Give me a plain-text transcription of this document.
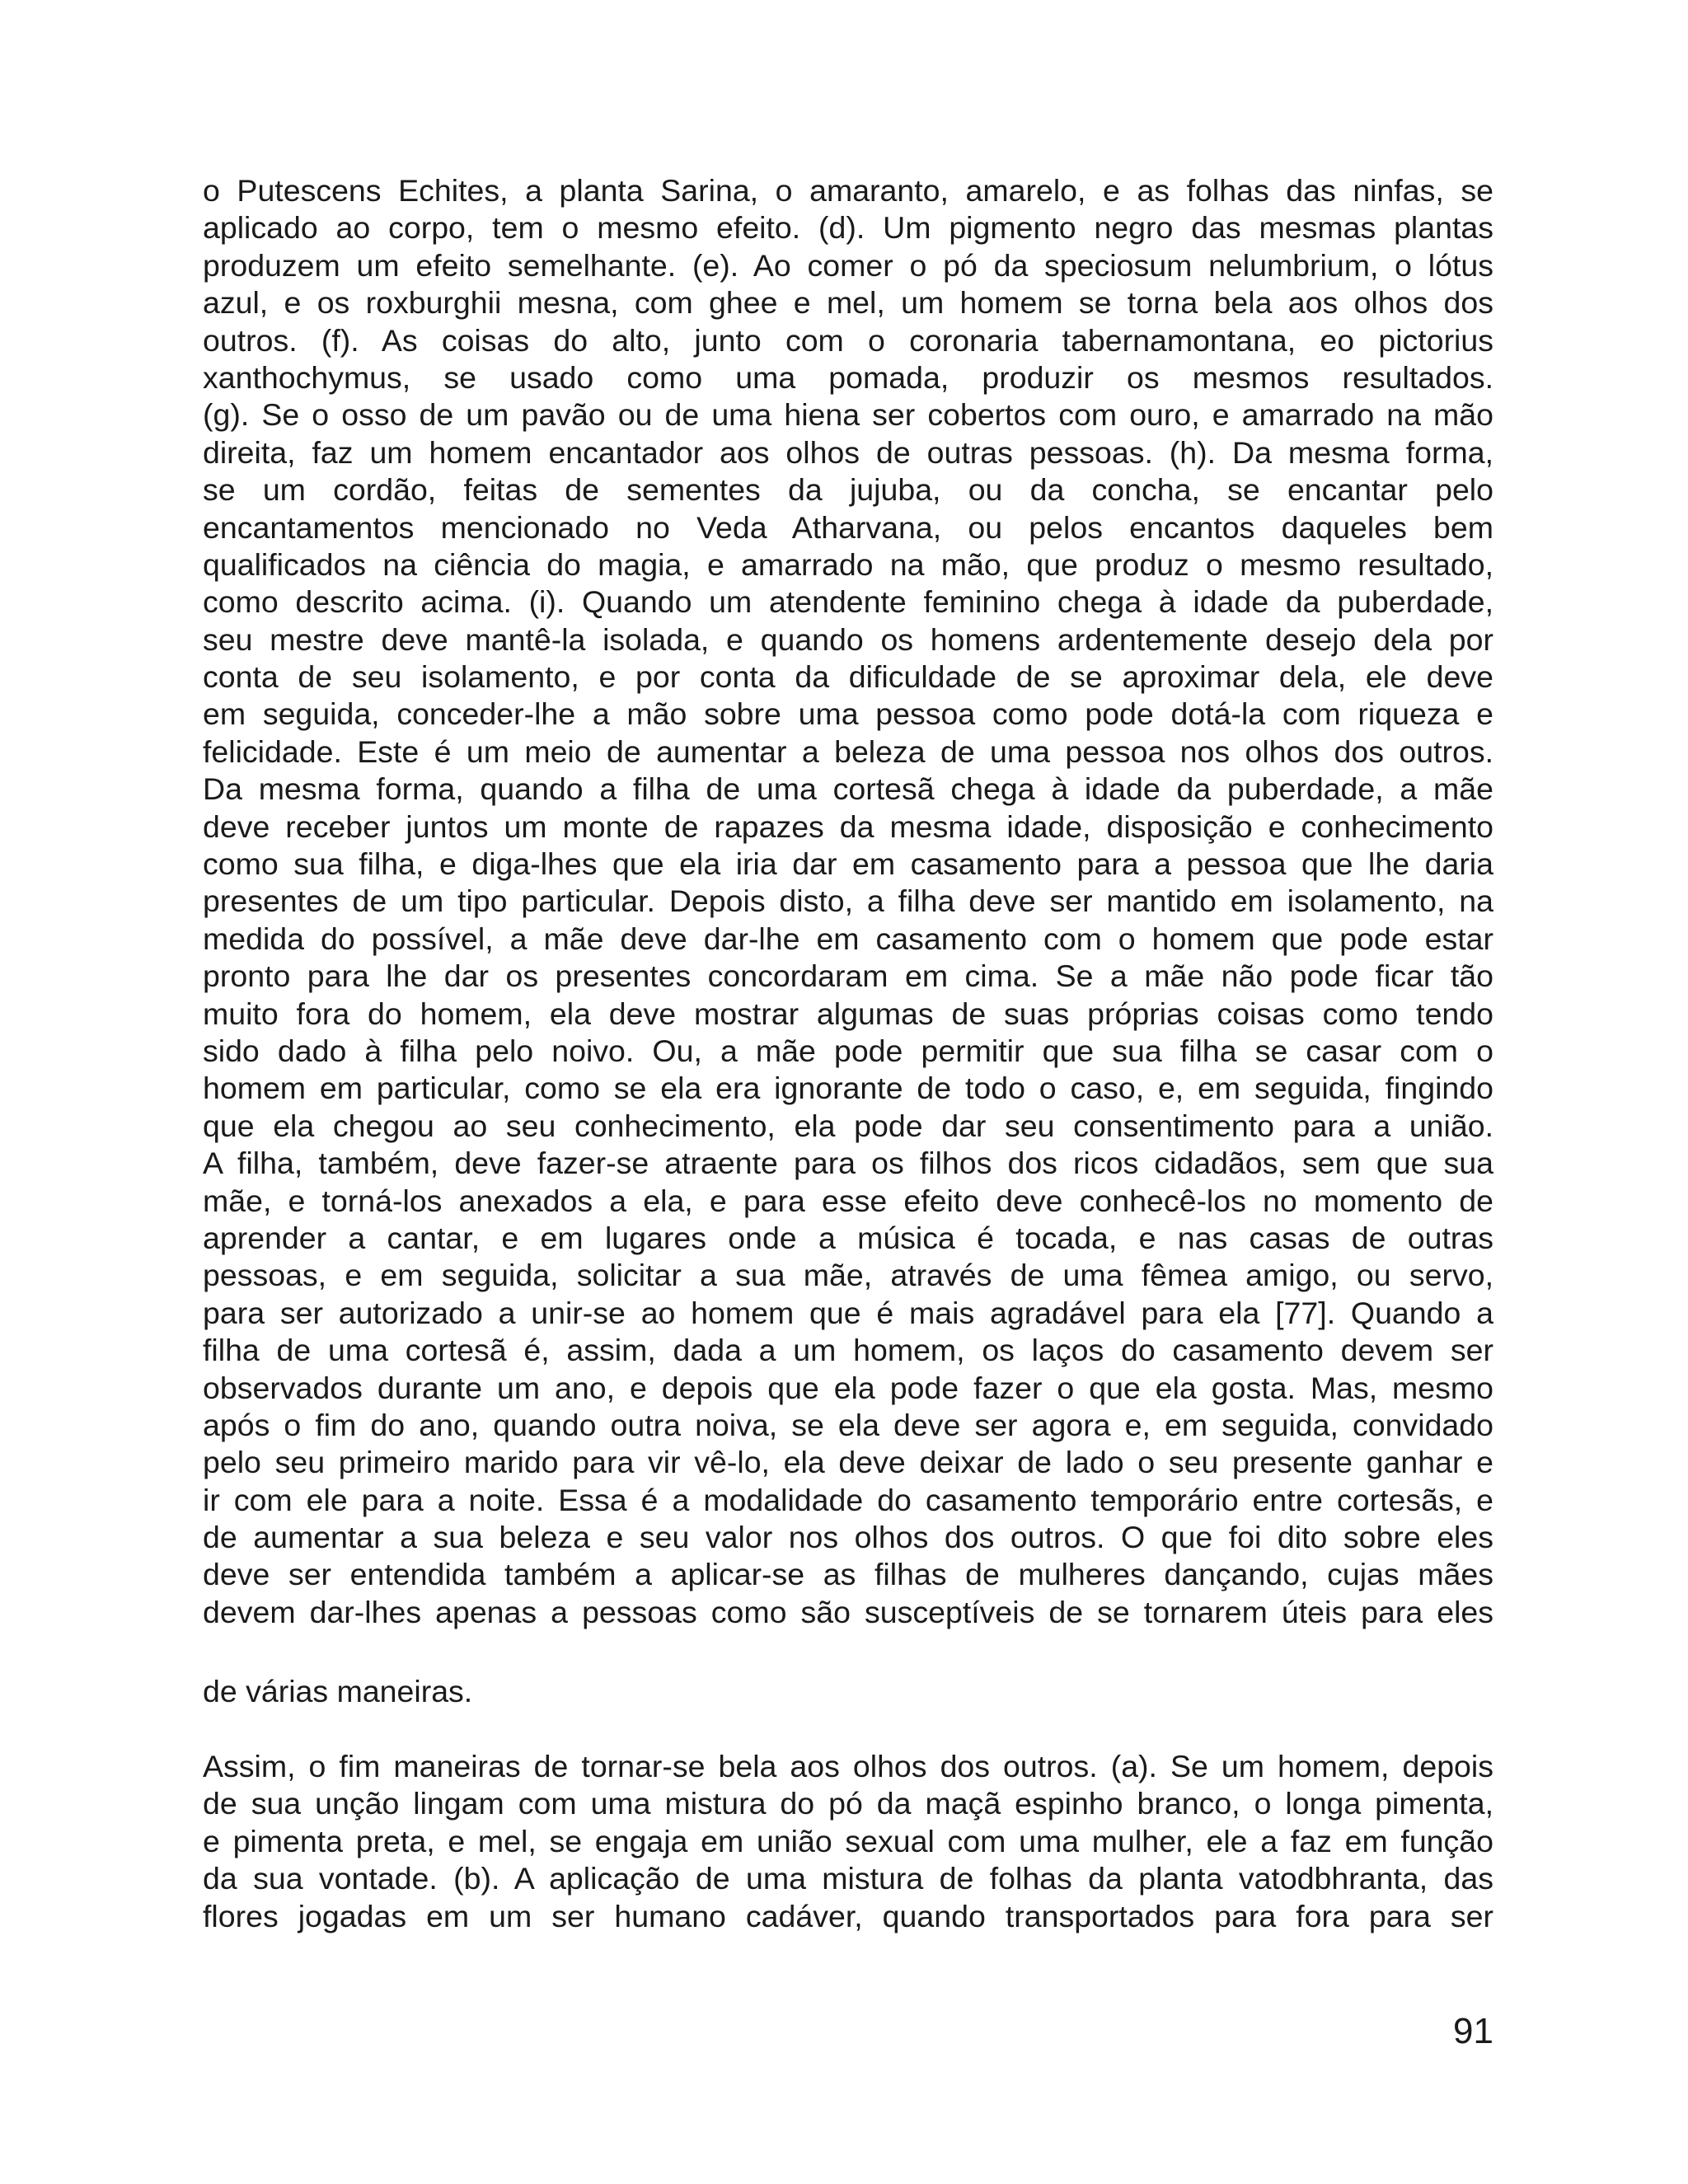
o Putescens Echites, a planta Sarina, o amaranto, amarelo, e as folhas das ninfas, se
aplicado ao corpo, tem o mesmo efeito. (d). Um pigmento negro das mesmas plantas
produzem um efeito semelhante. (e). Ao comer o pó da speciosum nelumbrium, o lótus
azul, e os roxburghii mesna, com ghee e mel, um homem se torna bela aos olhos dos
outros. (f). As coisas do alto, junto com o coronaria tabernamontana, eo pictorius
xanthochymus, se usado como uma pomada, produzir os mesmos resultados.
(g). Se o osso de um pavão ou de uma hiena ser cobertos com ouro, e amarrado na mão
direita, faz um homem encantador aos olhos de outras pessoas. (h). Da mesma forma,
se um cordão, feitas de sementes da jujuba, ou da concha, se encantar pelo
encantamentos mencionado no Veda Atharvana, ou pelos encantos daqueles bem
qualificados na ciência do magia, e amarrado na mão, que produz o mesmo resultado,
como descrito acima. (i). Quando um atendente feminino chega à idade da puberdade,
seu mestre deve mantê-la isolada, e quando os homens ardentemente desejo dela por
conta de seu isolamento, e por conta da dificuldade de se aproximar dela, ele deve
em seguida, conceder-lhe a mão sobre uma pessoa como pode dotá-la com riqueza e
felicidade. Este é um meio de aumentar a beleza de uma pessoa nos olhos dos outros.
Da mesma forma, quando a filha de uma cortesã chega à idade da puberdade, a mãe
deve receber juntos um monte de rapazes da mesma idade, disposição e conhecimento
como sua filha, e diga-lhes que ela iria dar em casamento para a pessoa que lhe daria
presentes de um tipo particular. Depois disto, a filha deve ser mantido em isolamento, na
medida do possível, a mãe deve dar-lhe em casamento com o homem que pode estar
pronto para lhe dar os presentes concordaram em cima. Se a mãe não pode ficar tão
muito fora do homem, ela deve mostrar algumas de suas próprias coisas como tendo
sido dado à filha pelo noivo. Ou, a mãe pode permitir que sua filha se casar com o
homem em particular, como se ela era ignorante de todo o caso, e, em seguida, fingindo
que ela chegou ao seu conhecimento, ela pode dar seu consentimento para a união.
A filha, também, deve fazer-se atraente para os filhos dos ricos cidadãos, sem que sua
mãe, e torná-los anexados a ela, e para esse efeito deve conhecê-los no momento de
aprender a cantar, e em lugares onde a música é tocada, e nas casas de outras
pessoas, e em seguida, solicitar a sua mãe, através de uma fêmea amigo, ou servo,
para ser autorizado a unir-se ao homem que é mais agradável para ela [77]. Quando a
filha de uma cortesã é, assim, dada a um homem, os laços do casamento devem ser
observados durante um ano, e depois que ela pode fazer o que ela gosta. Mas, mesmo
após o fim do ano, quando outra noiva, se ela deve ser agora e, em seguida, convidado
pelo seu primeiro marido para vir vê-lo, ela deve deixar de lado o seu presente ganhar e
ir com ele para a noite. Essa é a modalidade do casamento temporário entre cortesãs, e
de aumentar a sua beleza e seu valor nos olhos dos outros. O que foi dito sobre eles
deve ser entendida também a aplicar-se as filhas de mulheres dançando, cujas mães
devem dar-lhes apenas a pessoas como são susceptíveis de se tornarem úteis para eles
de várias maneiras.
Assim, o fim maneiras de tornar-se bela aos olhos dos outros. (a). Se um homem, depois
de sua unção lingam com uma mistura do pó da maçã espinho branco, o longa pimenta,
e pimenta preta, e mel, se engaja em união sexual com uma mulher, ele a faz em função
da sua vontade. (b). A aplicação de uma mistura de folhas da planta vatodbhranta, das
flores jogadas em um ser humano cadáver, quando transportados para fora para ser
91
